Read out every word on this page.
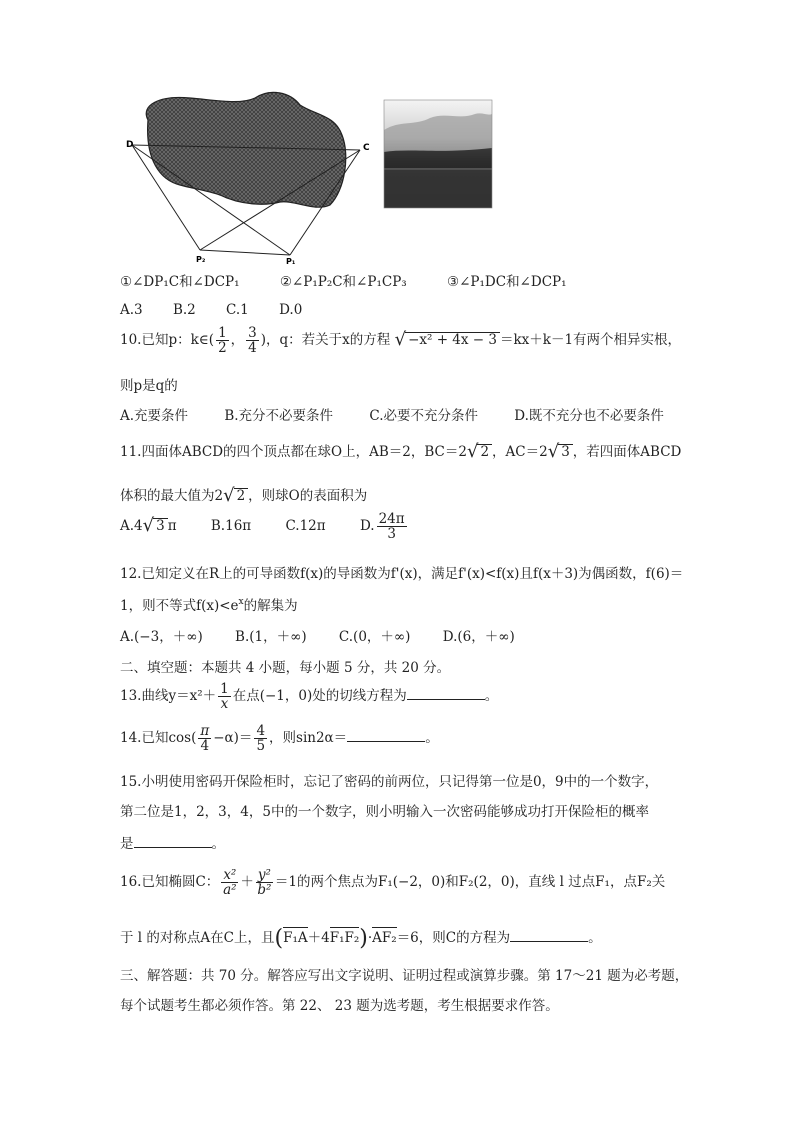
D	C
P₂	P₁
①∠DP₁C和∠DCP₁	②∠P₁P₂C和∠P₁CP₃	③∠P₁DC和∠DCP₁
A.3 B.2 C.1 D.0
10.已知p：k∈( $\frac{1}{2}$ ， $\frac{3}{4}$ )，q：若关于x的方程 √ −x² + 4x − 3 ＝kx＋k－1有两个相异实根，
则p是q的
A.充要条件	B.充分不必要条件	C.必要不充分条件	D.既不充分也不必要条件
11.四面体ABCD的四个顶点都在球O上，AB＝2，BC＝2√ 2 ，AC＝2√ 3 ，若四面体ABCD
体积的最大值为2√ 2 ，则球O的表面积为
A.4√ 3 π	B.16π	C.12π	D. $\frac{24\pi}{3}$
12.已知定义在R上的可导函数f(x)的导函数为f'(x)，满足f'(x)<f(x)且f(x＋3)为偶函数，f(6)＝
1，则不等式$f(x)<e^x$的解集为
A.(−3，＋∞) B.(1，＋∞) C.(0，＋∞) D.(6，＋∞)
二、填空题：本题共 4 小题，每小题 5 分，共 20 分。
13.曲线$y=x^2+ \frac{1}{x}$ 在点(−1，0)处的切线方程为	。
14.已知$\cos( \frac{\pi}{4} -\alpha)= \frac{4}{5}$ ，则sin2α＝	。
15.小明使用密码开保险柜时，忘记了密码的前两位，只记得第一位是0，9中的一个数字，
第二位是1，2，3，4，5中的一个数字，则小明输入一次密码能够成功打开保险柜的概率
是	。
16.已知椭圆C： $\frac{\text{x²}}{\text{a²}} + \frac{\text{y²}}{\text{b²}} =1$的两个焦点为F₁(−2，0)和F₂(2，0)，直线 l 过点F₁，点F₂关
于 l 的对称点A在C上，且(F₁A＋4F₁F₂)·AF₂＝6，则C的方程为	。
三、解答题：共 70 分。解答应写出文字说明、证明过程或演算步骤。第 17～21 题为必考题，
每个试题考生都必须作答。第 22、 23 题为选考题，考生根据要求作答。
